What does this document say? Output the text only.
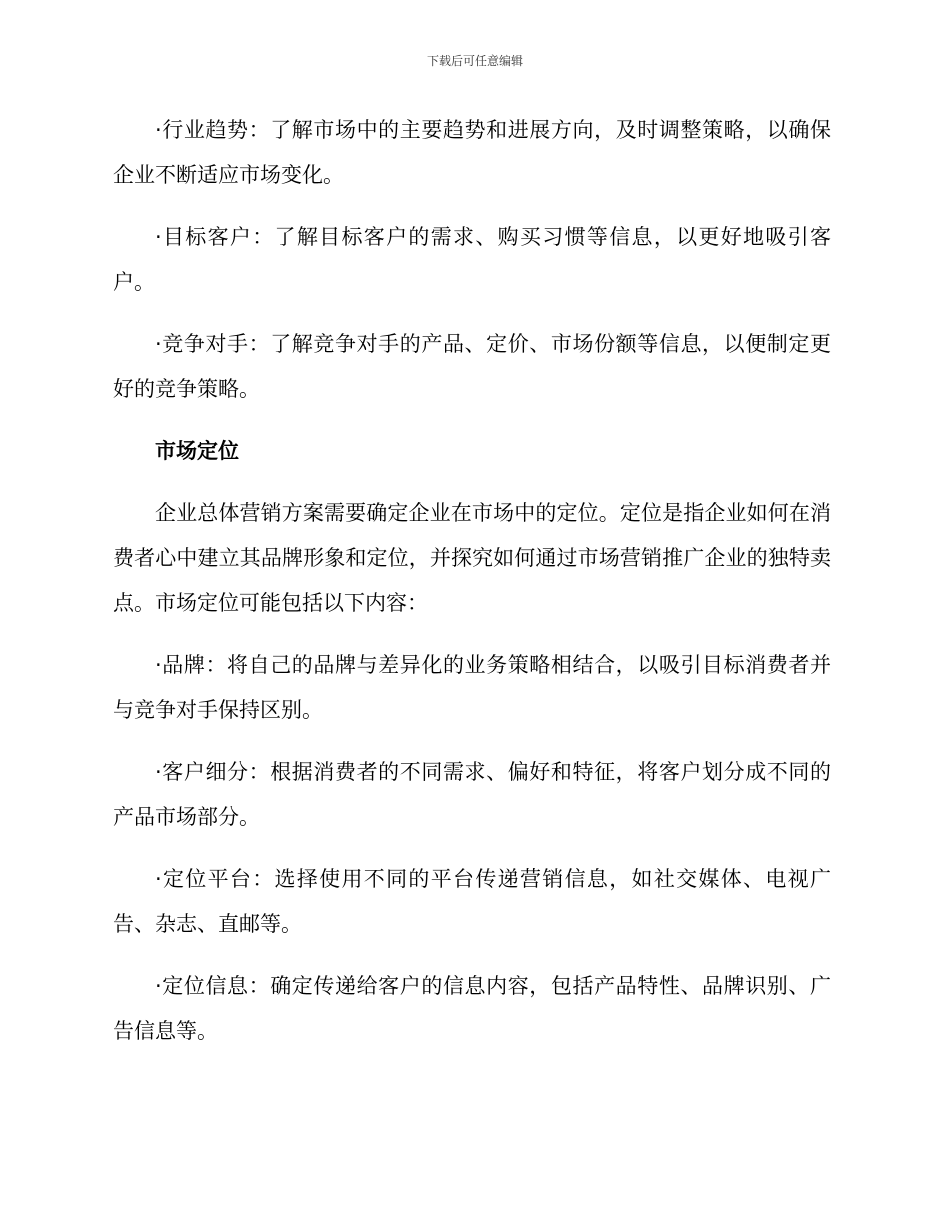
下载后可任意编辑

·行业趋势：了解市场中的主要趋势和进展方向，及时调整策略，以确保企业不断适应市场变化。

·目标客户：了解目标客户的需求、购买习惯等信息，以更好地吸引客户。

·竞争对手：了解竞争对手的产品、定价、市场份额等信息，以便制定更好的竞争策略。

市场定位

企业总体营销方案需要确定企业在市场中的定位。定位是指企业如何在消费者心中建立其品牌形象和定位，并探究如何通过市场营销推广企业的独特卖点。市场定位可能包括以下内容：

·品牌：将自己的品牌与差异化的业务策略相结合，以吸引目标消费者并与竞争对手保持区别。

·客户细分：根据消费者的不同需求、偏好和特征，将客户划分成不同的产品市场部分。

·定位平台：选择使用不同的平台传递营销信息，如社交媒体、电视广告、杂志、直邮等。

·定位信息：确定传递给客户的信息内容，包括产品特性、品牌识别、广告信息等。
